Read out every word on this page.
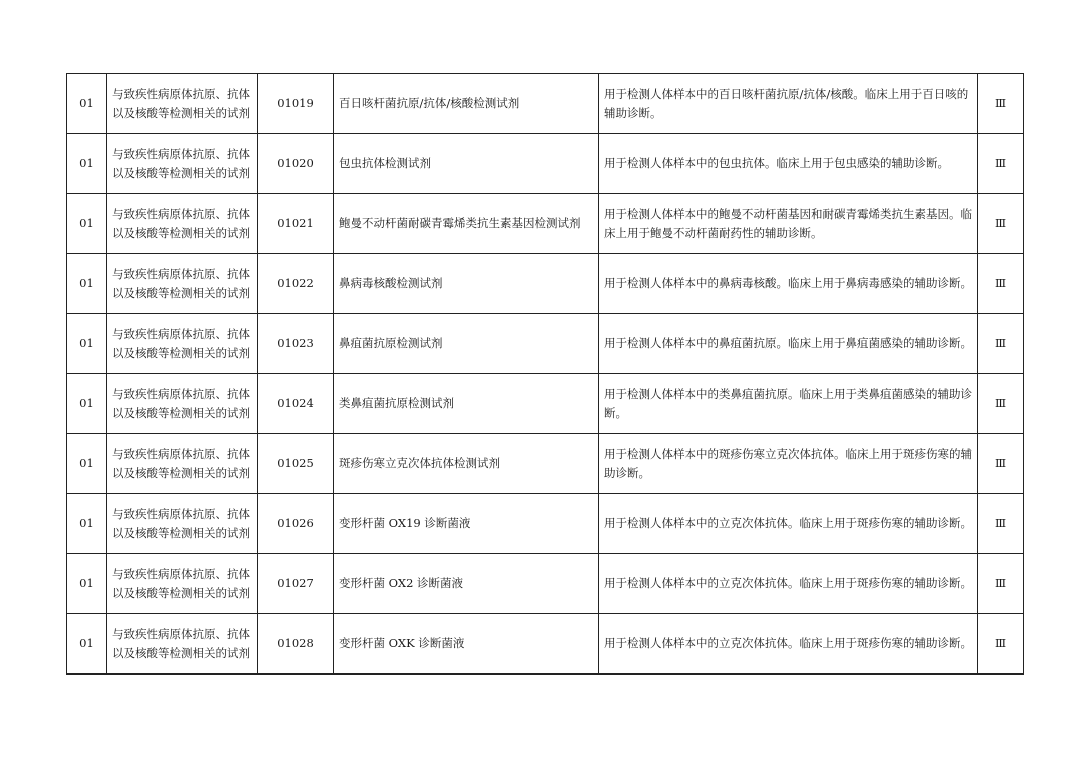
01	与致疾性病原体抗原、抗体以及核酸等检测相关的试剂	01019	百日咳杆菌抗原/抗体/核酸检测试剂	用于检测人体样本中的百日咳杆菌抗原/抗体/核酸。临床上用于百日咳的辅助诊断。	Ⅲ
01	与致疾性病原体抗原、抗体以及核酸等检测相关的试剂	01020	包虫抗体检测试剂	用于检测人体样本中的包虫抗体。临床上用于包虫感染的辅助诊断。	Ⅲ
01	与致疾性病原体抗原、抗体以及核酸等检测相关的试剂	01021	鲍曼不动杆菌耐碳青霉烯类抗生素基因检测试剂	用于检测人体样本中的鲍曼不动杆菌基因和耐碳青霉烯类抗生素基因。临床上用于鲍曼不动杆菌耐药性的辅助诊断。	Ⅲ
01	与致疾性病原体抗原、抗体以及核酸等检测相关的试剂	01022	鼻病毒核酸检测试剂	用于检测人体样本中的鼻病毒核酸。临床上用于鼻病毒感染的辅助诊断。	Ⅲ
01	与致疾性病原体抗原、抗体以及核酸等检测相关的试剂	01023	鼻疽菌抗原检测试剂	用于检测人体样本中的鼻疽菌抗原。临床上用于鼻疽菌感染的辅助诊断。	Ⅲ
01	与致疾性病原体抗原、抗体以及核酸等检测相关的试剂	01024	类鼻疽菌抗原检测试剂	用于检测人体样本中的类鼻疽菌抗原。临床上用于类鼻疽菌感染的辅助诊断。	Ⅲ
01	与致疾性病原体抗原、抗体以及核酸等检测相关的试剂	01025	斑疹伤寒立克次体抗体检测试剂	用于检测人体样本中的斑疹伤寒立克次体抗体。临床上用于斑疹伤寒的辅助诊断。	Ⅲ
01	与致疾性病原体抗原、抗体以及核酸等检测相关的试剂	01026	变形杆菌 OX19 诊断菌液	用于检测人体样本中的立克次体抗体。临床上用于斑疹伤寒的辅助诊断。	Ⅲ
01	与致疾性病原体抗原、抗体以及核酸等检测相关的试剂	01027	变形杆菌 OX2 诊断菌液	用于检测人体样本中的立克次体抗体。临床上用于斑疹伤寒的辅助诊断。	Ⅲ
01	与致疾性病原体抗原、抗体以及核酸等检测相关的试剂	01028	变形杆菌 OXK 诊断菌液	用于检测人体样本中的立克次体抗体。临床上用于斑疹伤寒的辅助诊断。	Ⅲ
